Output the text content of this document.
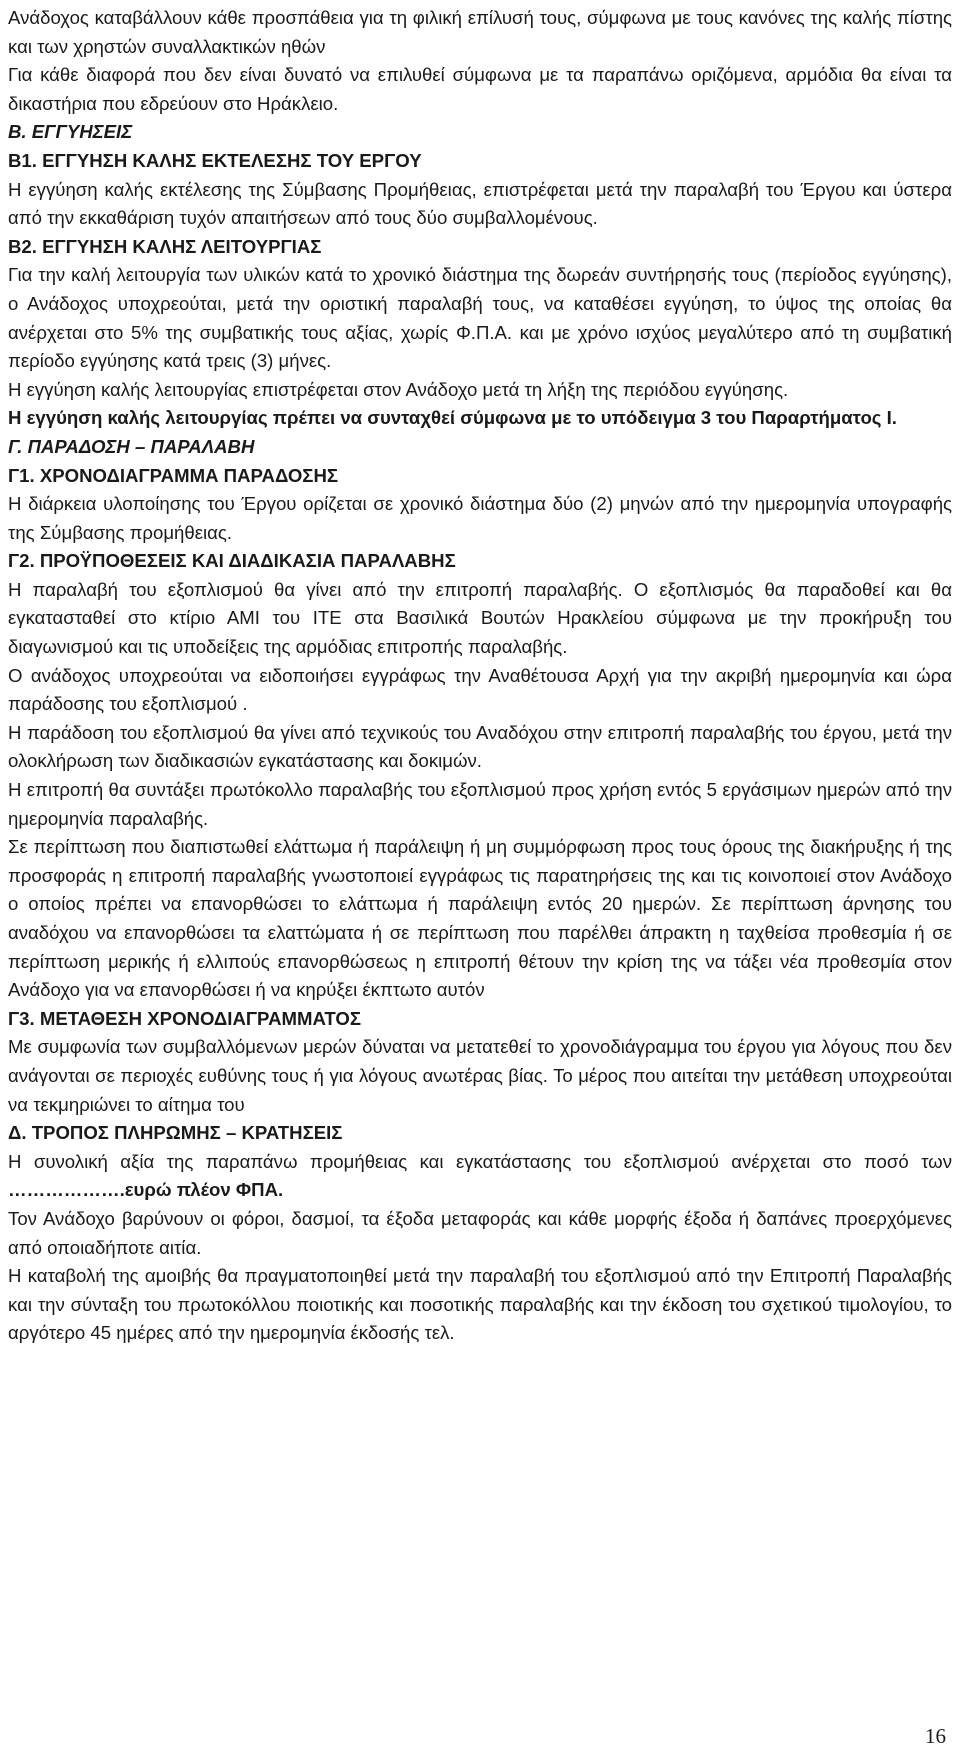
Ανάδοχος καταβάλλουν κάθε προσπάθεια για τη φιλική επίλυσή τους, σύμφωνα με τους κανόνες της καλής πίστης και των χρηστών συναλλακτικών ηθών

Για κάθε διαφορά που δεν είναι δυνατό να επιλυθεί σύμφωνα με τα παραπάνω οριζόμενα, αρμόδια θα είναι τα δικαστήρια που εδρεύουν στο Ηράκλειο.

Β. ΕΓΓΥΗΣΕΙΣ

Β1. ΕΓΓΥΗΣΗ ΚΑΛΗΣ ΕΚΤΕΛΕΣΗΣ ΤΟΥ ΕΡΓΟΥ

Η εγγύηση καλής εκτέλεσης της Σύμβασης Προμήθειας, επιστρέφεται μετά την παραλαβή του Έργου και ύστερα από την εκκαθάριση τυχόν απαιτήσεων από τους δύο συμβαλλομένους.

Β2. ΕΓΓΥΗΣΗ ΚΑΛΗΣ ΛΕΙΤΟΥΡΓΙΑΣ

Για την καλή λειτουργία των υλικών κατά το χρονικό διάστημα της δωρεάν συντήρησής τους (περίοδος εγγύησης), ο Ανάδοχος υποχρεούται, μετά την οριστική παραλαβή τους, να καταθέσει εγγύηση, το ύψος της οποίας θα ανέρχεται στο 5% της συμβατικής τους αξίας, χωρίς Φ.Π.Α. και με χρόνο ισχύος μεγαλύτερο από τη συμβατική περίοδο εγγύησης κατά τρεις (3) μήνες.

Η εγγύηση καλής λειτουργίας επιστρέφεται στον Ανάδοχο μετά τη λήξη της περιόδου εγγύησης.

Η εγγύηση καλής λειτουργίας πρέπει να συνταχθεί σύμφωνα με το υπόδειγμα 3 του Παραρτήματος Ι.

Γ. ΠΑΡΑΔΟΣΗ – ΠΑΡΑΛΑΒΗ

Γ1. ΧΡΟΝΟΔΙΑΓΡΑΜΜΑ ΠΑΡΑΔΟΣΗΣ

Η διάρκεια υλοποίησης του Έργου ορίζεται σε χρονικό διάστημα δύο (2) μηνών από την ημερομηνία υπογραφής της Σύμβασης προμήθειας.

Γ2. ΠΡΟΫΠΟΘΕΣΕΙΣ ΚΑΙ ΔΙΑΔΙΚΑΣΙΑ ΠΑΡΑΛΑΒΗΣ

Η παραλαβή του εξοπλισμού θα γίνει από την επιτροπή παραλαβής. Ο εξοπλισμός θα παραδοθεί και θα εγκατασταθεί στο κτίριο ΑΜΙ του ΙΤΕ στα Βασιλικά Βουτών Ηρακλείου σύμφωνα με την προκήρυξη του διαγωνισμού και τις υποδείξεις της αρμόδιας επιτροπής παραλαβής.

Ο ανάδοχος υποχρεούται να ειδοποιήσει εγγράφως την Αναθέτουσα Αρχή για την ακριβή ημερομηνία και ώρα παράδοσης του εξοπλισμού .

Η παράδοση του εξοπλισμού θα γίνει από τεχνικούς του Αναδόχου στην επιτροπή παραλαβής του έργου, μετά την ολοκλήρωση των διαδικασιών εγκατάστασης και δοκιμών.

Η επιτροπή θα συντάξει πρωτόκολλο παραλαβής του εξοπλισμού προς χρήση εντός 5 εργάσιμων ημερών από την ημερομηνία παραλαβής.

Σε περίπτωση που διαπιστωθεί ελάττωμα ή παράλειψη ή μη συμμόρφωση προς τους όρους της διακήρυξης ή της προσφοράς η επιτροπή παραλαβής γνωστοποιεί εγγράφως τις παρατηρήσεις της και τις κοινοποιεί στον Ανάδοχο ο οποίος πρέπει να επανορθώσει το ελάττωμα ή παράλειψη εντός 20 ημερών. Σε περίπτωση άρνησης του αναδόχου να επανορθώσει τα ελαττώματα ή σε περίπτωση που παρέλθει άπρακτη η ταχθείσα προθεσμία ή σε περίπτωση μερικής ή ελλιπούς επανορθώσεως η επιτροπή θέτουν την κρίση της να τάξει νέα προθεσμία στον Ανάδοχο για να επανορθώσει ή να κηρύξει έκπτωτο αυτόν

Γ3. ΜΕΤΑΘΕΣΗ ΧΡΟΝΟΔΙΑΓΡΑΜΜΑΤΟΣ

Με συμφωνία των συμβαλλόμενων μερών δύναται να μετατεθεί το χρονοδιάγραμμα του έργου για λόγους που δεν ανάγονται σε περιοχές ευθύνης τους ή για λόγους ανωτέρας βίας. Το μέρος που αιτείται την μετάθεση υποχρεούται να τεκμηριώνει το αίτημα του

Δ. ΤΡΟΠΟΣ ΠΛΗΡΩΜΗΣ – ΚΡΑΤΗΣΕΙΣ

Η συνολική αξία της παραπάνω προμήθειας και εγκατάστασης του εξοπλισμού ανέρχεται στο ποσό των ……………….ευρώ πλέον ΦΠΑ.

Τον Ανάδοχο βαρύνουν οι φόροι, δασμοί, τα έξοδα μεταφοράς και κάθε μορφής έξοδα ή δαπάνες προερχόμενες από οποιαδήποτε αιτία.

Η καταβολή της αμοιβής θα πραγματοποιηθεί μετά την παραλαβή του εξοπλισμού από την Επιτροπή Παραλαβής και την σύνταξη του πρωτοκόλλου ποιοτικής και ποσοτικής παραλαβής και την έκδοση του σχετικού τιμολογίου, το αργότερο 45 ημέρες από την ημερομηνία έκδοσής τελ.

16
